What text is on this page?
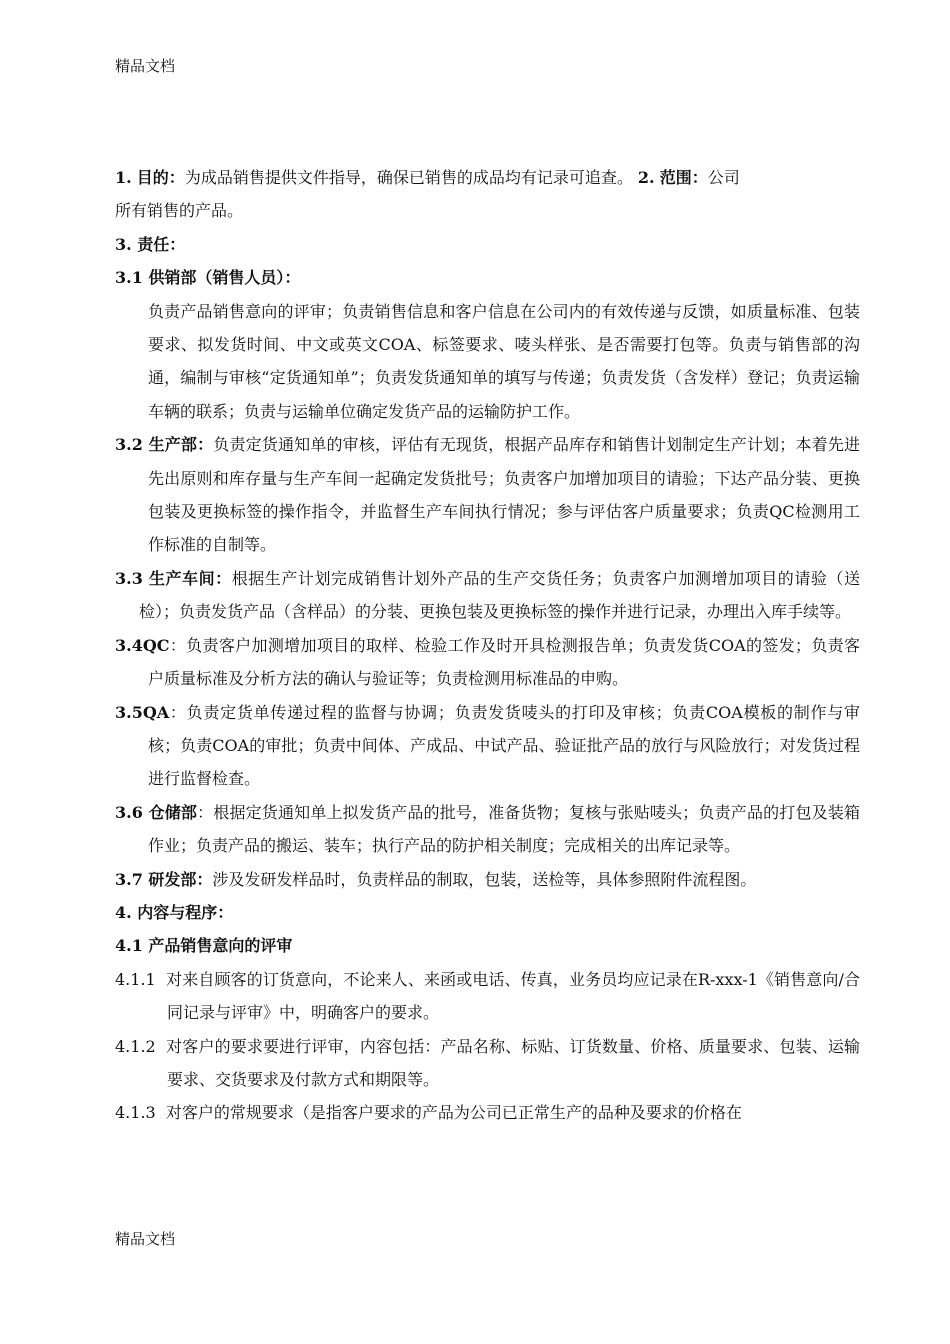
精品文档

1. 目的：为成品销售提供文件指导，确保已销售的成品均有记录可追查。 2. 范围：公司
所有销售的产品。

3. 责任：

3.1 供销部（销售人员）：

负责产品销售意向的评审；负责销售信息和客户信息在公司内的有效传递与反馈，如质量标准、包装要求、拟发货时间、中文或英文COA、标签要求、唛头样张、是否需要打包等。负责与销售部的沟通，编制与审核“定货通知单”；负责发货通知单的填写与传递；负责发货（含发样）登记；负责运输车辆的联系；负责与运输单位确定发货产品的运输防护工作。

3.2 生产部：负责定货通知单的审核，评估有无现货，根据产品库存和销售计划制定生产计划；本着先进先出原则和库存量与生产车间一起确定发货批号；负责客户加增加项目的请验；下达产品分装、更换包装及更换标签的操作指令，并监督生产车间执行情况；参与评估客户质量要求；负责QC检测用工作标准的自制等。

3.3 生产车间：根据生产计划完成销售计划外产品的生产交货任务；负责客户加测增加项目的请验（送检）；负责发货产品（含样品）的分装、更换包装及更换标签的操作并进行记录，办理出入库手续等。

3.4QC：负责客户加测增加项目的取样、检验工作及时开具检测报告单；负责发货COA的签发；负责客户质量标准及分析方法的确认与验证等；负责检测用标准品的申购。

3.5QA：负责定货单传递过程的监督与协调；负责发货唛头的打印及审核；负责COA模板的制作与审核；负责COA的审批；负责中间体、产成品、中试产品、验证批产品的放行与风险放行；对发货过程进行监督检查。

3.6 仓储部：根据定货通知单上拟发货产品的批号，准备货物；复核与张贴唛头；负责产品的打包及装箱作业；负责产品的搬运、装车；执行产品的防护相关制度；完成相关的出库记录等。

3.7 研发部：涉及发研发样品时，负责样品的制取，包装，送检等，具体参照附件流程图。

4. 内容与程序：

4.1 产品销售意向的评审

4.1.1 对来自顾客的订货意向，不论来人、来函或电话、传真，业务员均应记录在R-xxx-1《销售意向/合同记录与评审》中，明确客户的要求。

4.1.2 对客户的要求要进行评审，内容包括：产品名称、标贴、订货数量、价格、质量要求、包装、运输要求、交货要求及付款方式和期限等。

4.1.3 对客户的常规要求（是指客户要求的产品为公司已正常生产的品种及要求的价格在

精品文档
